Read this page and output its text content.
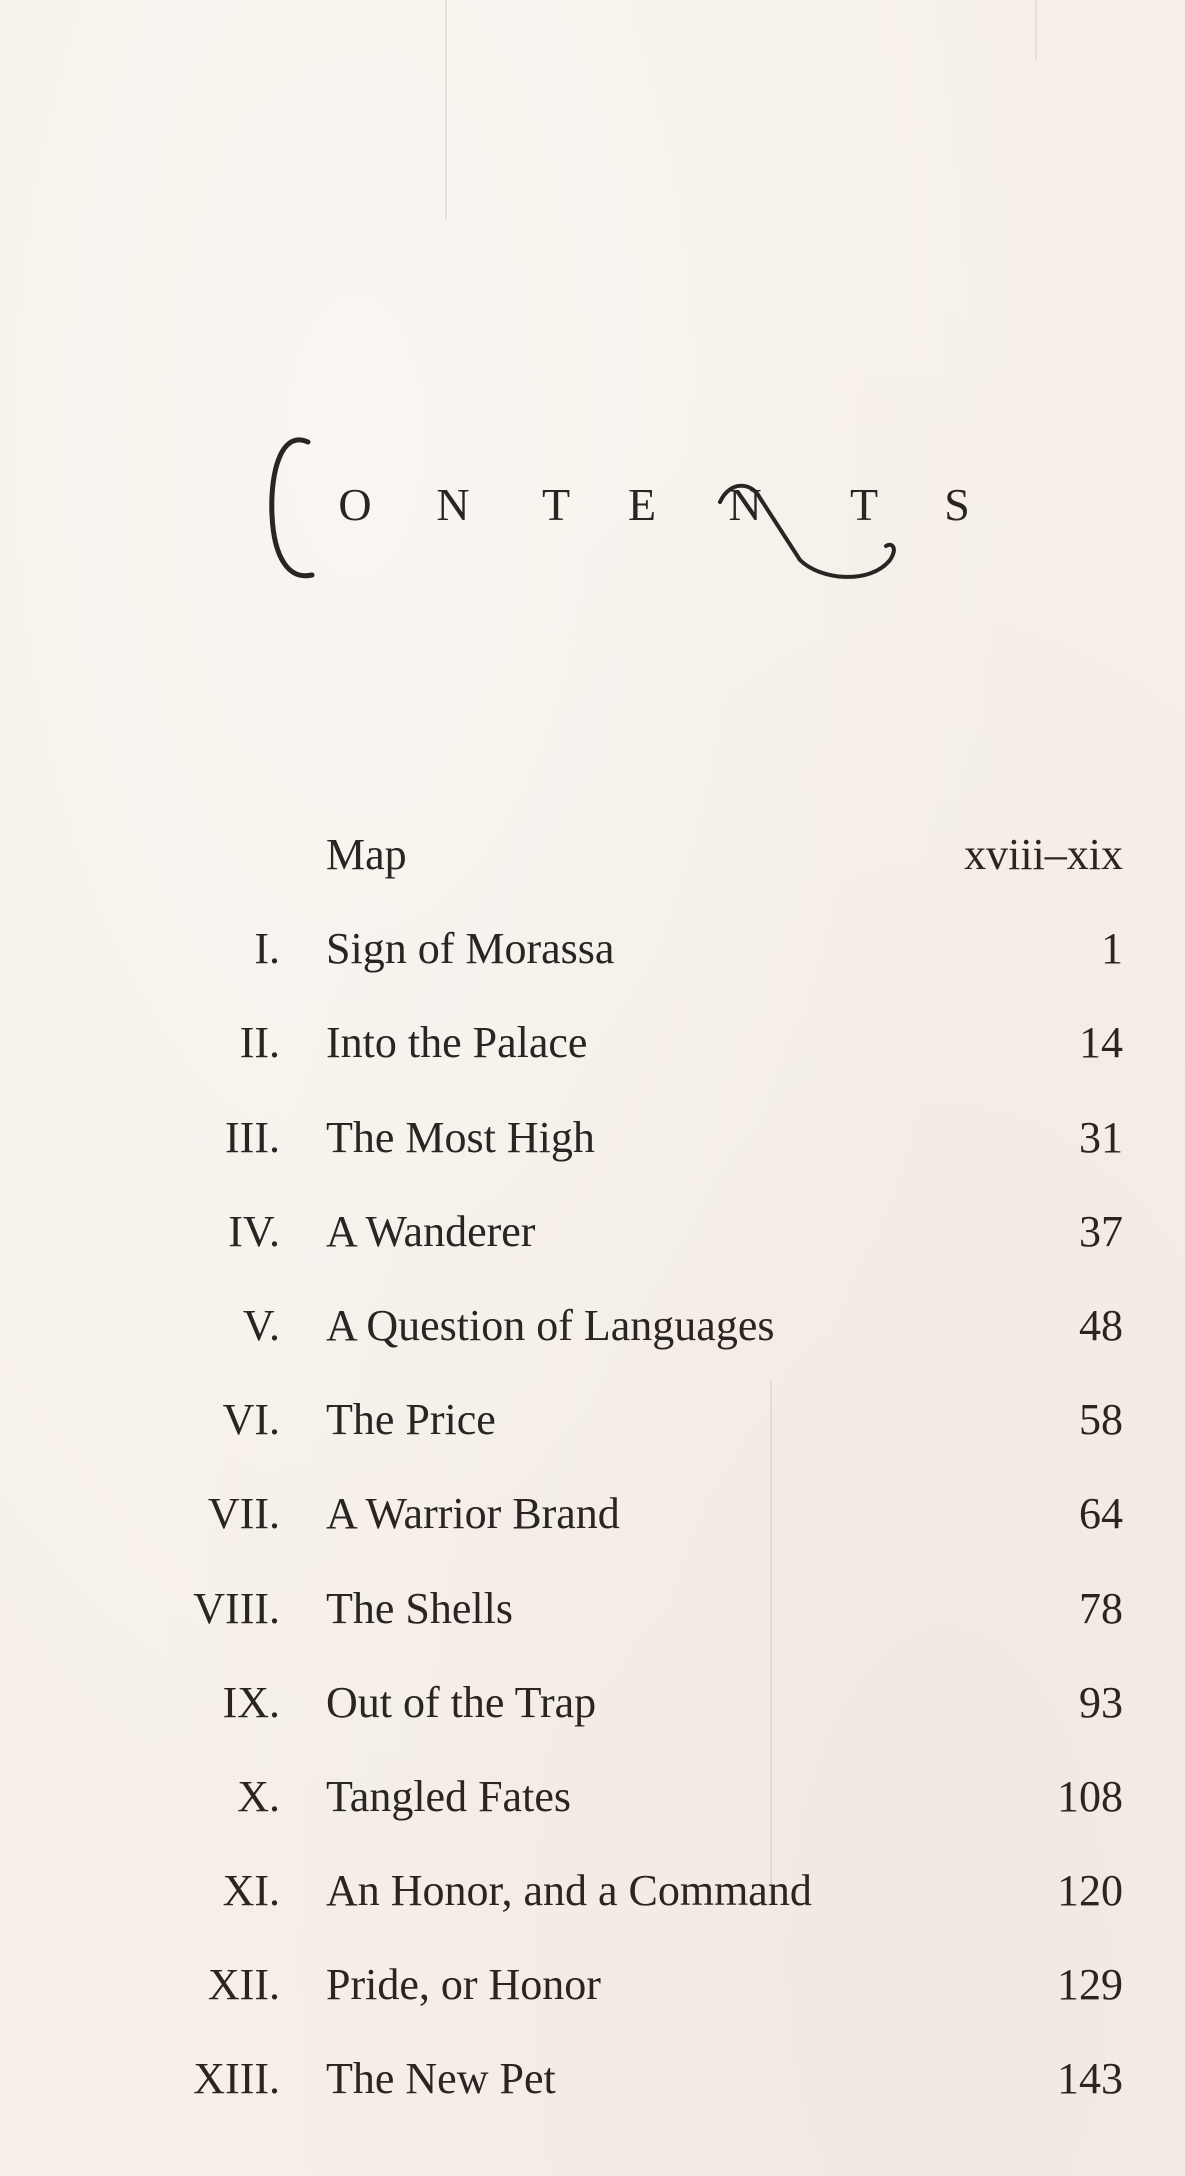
O N T E N T S
Map	xviii–xix
I. Sign of Morassa	1
II. Into the Palace	14
III. The Most High	31
IV. A Wanderer	37
V. A Question of Languages	48
VI. The Price	58
VII. A Warrior Brand	64
VIII. The Shells	78
IX. Out of the Trap	93
X. Tangled Fates	108
XI. An Honor, and a Command	120
XII. Pride, or Honor	129
XIII. The New Pet	143
